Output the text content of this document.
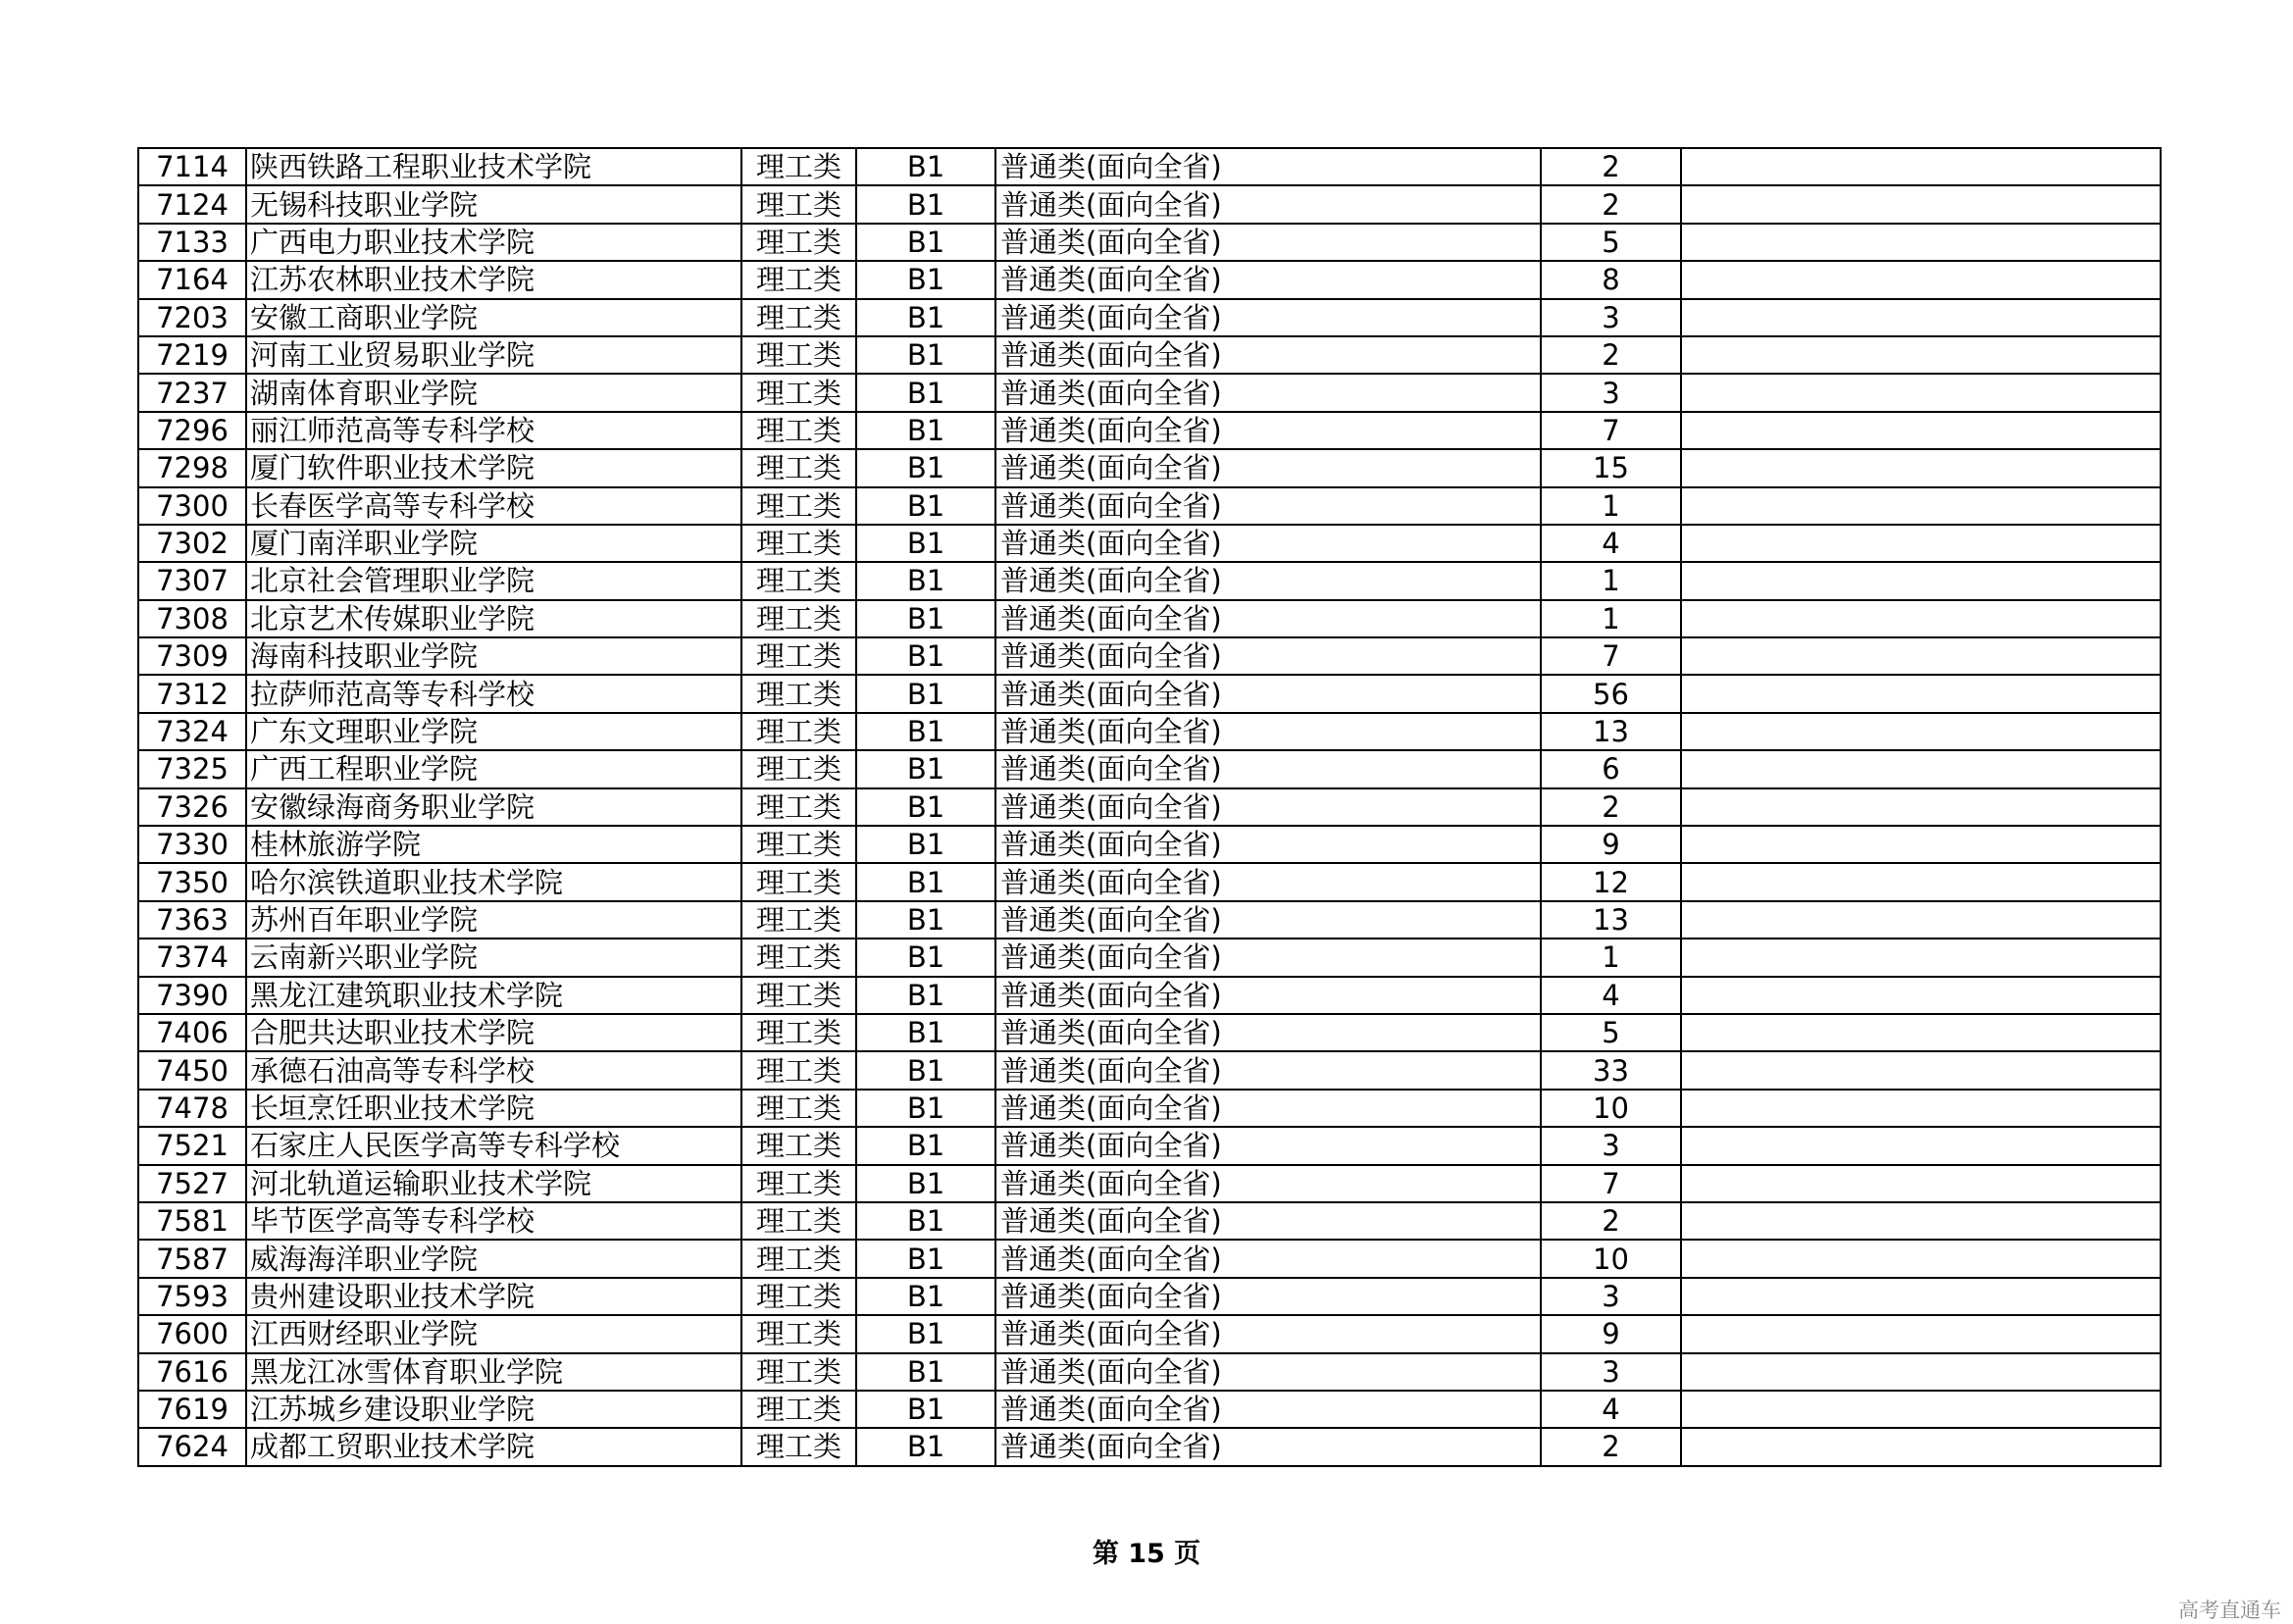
7114	陕西铁路工程职业技术学院	理工类	B1	普通类(面向全省)	2	
7124	无锡科技职业学院	理工类	B1	普通类(面向全省)	2	
7133	广西电力职业技术学院	理工类	B1	普通类(面向全省)	5	
7164	江苏农林职业技术学院	理工类	B1	普通类(面向全省)	8	
7203	安徽工商职业学院	理工类	B1	普通类(面向全省)	3	
7219	河南工业贸易职业学院	理工类	B1	普通类(面向全省)	2	
7237	湖南体育职业学院	理工类	B1	普通类(面向全省)	3	
7296	丽江师范高等专科学校	理工类	B1	普通类(面向全省)	7	
7298	厦门软件职业技术学院	理工类	B1	普通类(面向全省)	15	
7300	长春医学高等专科学校	理工类	B1	普通类(面向全省)	1	
7302	厦门南洋职业学院	理工类	B1	普通类(面向全省)	4	
7307	北京社会管理职业学院	理工类	B1	普通类(面向全省)	1	
7308	北京艺术传媒职业学院	理工类	B1	普通类(面向全省)	1	
7309	海南科技职业学院	理工类	B1	普通类(面向全省)	7	
7312	拉萨师范高等专科学校	理工类	B1	普通类(面向全省)	56	
7324	广东文理职业学院	理工类	B1	普通类(面向全省)	13	
7325	广西工程职业学院	理工类	B1	普通类(面向全省)	6	
7326	安徽绿海商务职业学院	理工类	B1	普通类(面向全省)	2	
7330	桂林旅游学院	理工类	B1	普通类(面向全省)	9	
7350	哈尔滨铁道职业技术学院	理工类	B1	普通类(面向全省)	12	
7363	苏州百年职业学院	理工类	B1	普通类(面向全省)	13	
7374	云南新兴职业学院	理工类	B1	普通类(面向全省)	1	
7390	黑龙江建筑职业技术学院	理工类	B1	普通类(面向全省)	4	
7406	合肥共达职业技术学院	理工类	B1	普通类(面向全省)	5	
7450	承德石油高等专科学校	理工类	B1	普通类(面向全省)	33	
7478	长垣烹饪职业技术学院	理工类	B1	普通类(面向全省)	10	
7521	石家庄人民医学高等专科学校	理工类	B1	普通类(面向全省)	3	
7527	河北轨道运输职业技术学院	理工类	B1	普通类(面向全省)	7	
7581	毕节医学高等专科学校	理工类	B1	普通类(面向全省)	2	
7587	威海海洋职业学院	理工类	B1	普通类(面向全省)	10	
7593	贵州建设职业技术学院	理工类	B1	普通类(面向全省)	3	
7600	江西财经职业学院	理工类	B1	普通类(面向全省)	9	
7616	黑龙江冰雪体育职业学院	理工类	B1	普通类(面向全省)	3	
7619	江苏城乡建设职业学院	理工类	B1	普通类(面向全省)	4	
7624	成都工贸职业技术学院	理工类	B1	普通类(面向全省)	2	
第 15 页
高考直通车
